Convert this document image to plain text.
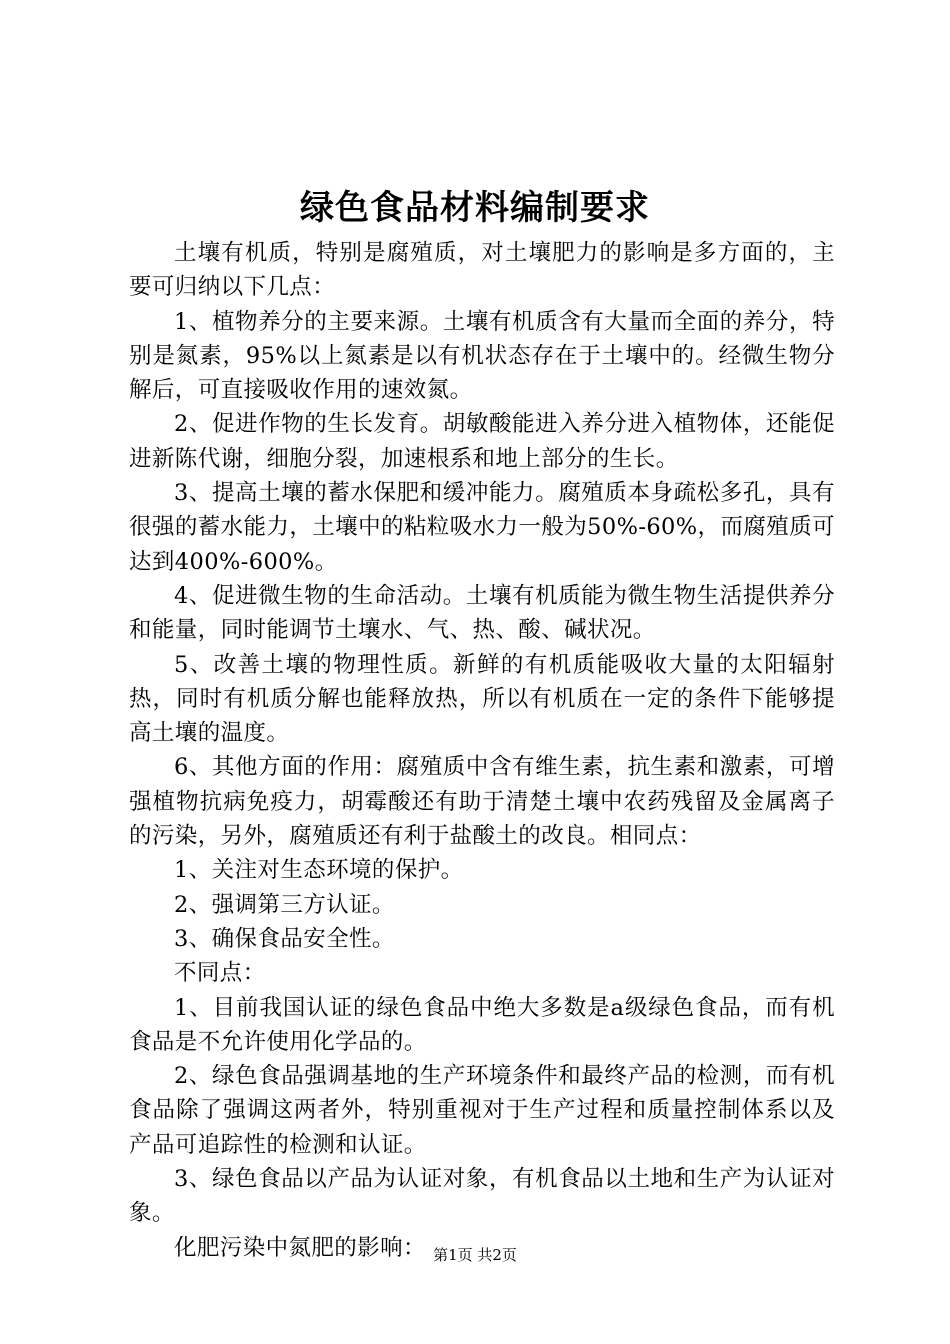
绿色食品材料编制要求

土壤有机质，特别是腐殖质，对土壤肥力的影响是多方面的，主要可归纳以下几点：

1、植物养分的主要来源。土壤有机质含有大量而全面的养分，特别是氮素，95%以上氮素是以有机状态存在于土壤中的。经微生物分解后，可直接吸收作用的速效氮。

2、促进作物的生长发育。胡敏酸能进入养分进入植物体，还能促进新陈代谢，细胞分裂，加速根系和地上部分的生长。

3、提高土壤的蓄水保肥和缓冲能力。腐殖质本身疏松多孔，具有很强的蓄水能力，土壤中的粘粒吸水力一般为50%-60%，而腐殖质可达到400%-600%。

4、促进微生物的生命活动。土壤有机质能为微生物生活提供养分和能量，同时能调节土壤水、气、热、酸、碱状况。

5、改善土壤的物理性质。新鲜的有机质能吸收大量的太阳辐射热，同时有机质分解也能释放热，所以有机质在一定的条件下能够提高土壤的温度。

6、其他方面的作用：腐殖质中含有维生素，抗生素和激素，可增强植物抗病免疫力，胡霉酸还有助于清楚土壤中农药残留及金属离子的污染，另外，腐殖质还有利于盐酸土的改良。相同点：

1、关注对生态环境的保护。

2、强调第三方认证。

3、确保食品安全性。

不同点：

1、目前我国认证的绿色食品中绝大多数是a级绿色食品，而有机食品是不允许使用化学品的。

2、绿色食品强调基地的生产环境条件和最终产品的检测，而有机食品除了强调这两者外，特别重视对于生产过程和质量控制体系以及产品可追踪性的检测和认证。

3、绿色食品以产品为认证对象，有机食品以土地和生产为认证对象。

化肥污染中氮肥的影响： 第1页 共2页
